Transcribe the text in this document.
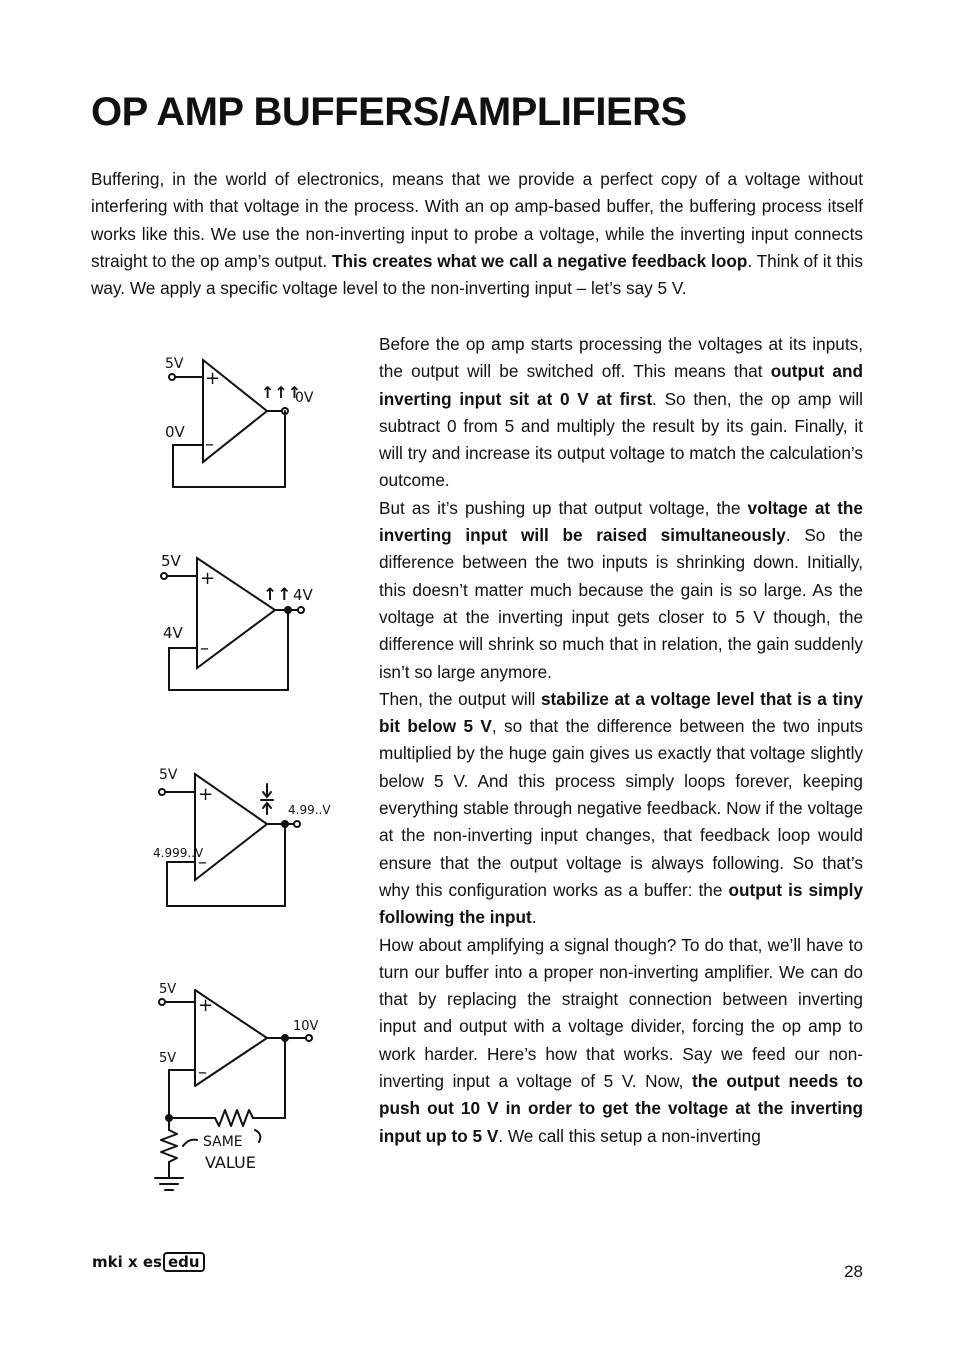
OP AMP BUFFERS/AMPLIFIERS

Buffering, in the world of electronics, means that we provide a perfect copy of a voltage without interfering with that voltage in the process. With an op amp-based buffer, the buffering process itself works like this. We use the non-inverting input to probe a voltage, while the inverting input connects straight to the op amp’s output. This creates what we call a negative feedback loop. Think of it this way. We apply a specific voltage level to the non-inverting input – let’s say 5 V.

Before the op amp starts processing the voltages at its inputs, the output will be switched off. This means that output and inverting input sit at 0 V at first. So then, the op amp will subtract 0 from 5 and multiply the result by its gain. Finally, it will try and increase its output voltage to match the calculation’s outcome.

But as it’s pushing up that output voltage, the voltage at the inverting input will be raised simultaneously. So the difference between the two inputs is shrinking down. Initially, this doesn’t matter much because the gain is so large. As the voltage at the inverting input gets closer to 5 V though, the difference will shrink so much that in relation, the gain suddenly isn’t so large anymore.

Then, the output will stabilize at a voltage level that is a tiny bit below 5 V, so that the difference between the two inputs multiplied by the huge gain gives us exactly that voltage slightly below 5 V. And this process simply loops forever, keeping everything stable through negative feedback. Now if the voltage at the non-inverting input changes, that feedback loop would ensure that the output voltage is always following. So that’s why this configuration works as a buffer: the output is simply following the input.

How about amplifying a signal though? To do that, we’ll have to turn our buffer into a proper non-inverting amplifier. We can do that by replacing the straight connection between inverting input and output with a voltage divider, forcing the op amp to work harder. Here’s how that works. Say we feed our non-inverting input a voltage of 5 V. Now, the output needs to push out 10 V in order to get the voltage at the inverting input up to 5 V. We call this setup a non-inverting

5V
0V
+
–
↑↑↑
0V
5V
4V
+
–
↑↑ 4V
5V
4.999..V
+
–
4.99..V
5V
5V
+
–
10V
SAME
VALUE
mki x es edu	28
